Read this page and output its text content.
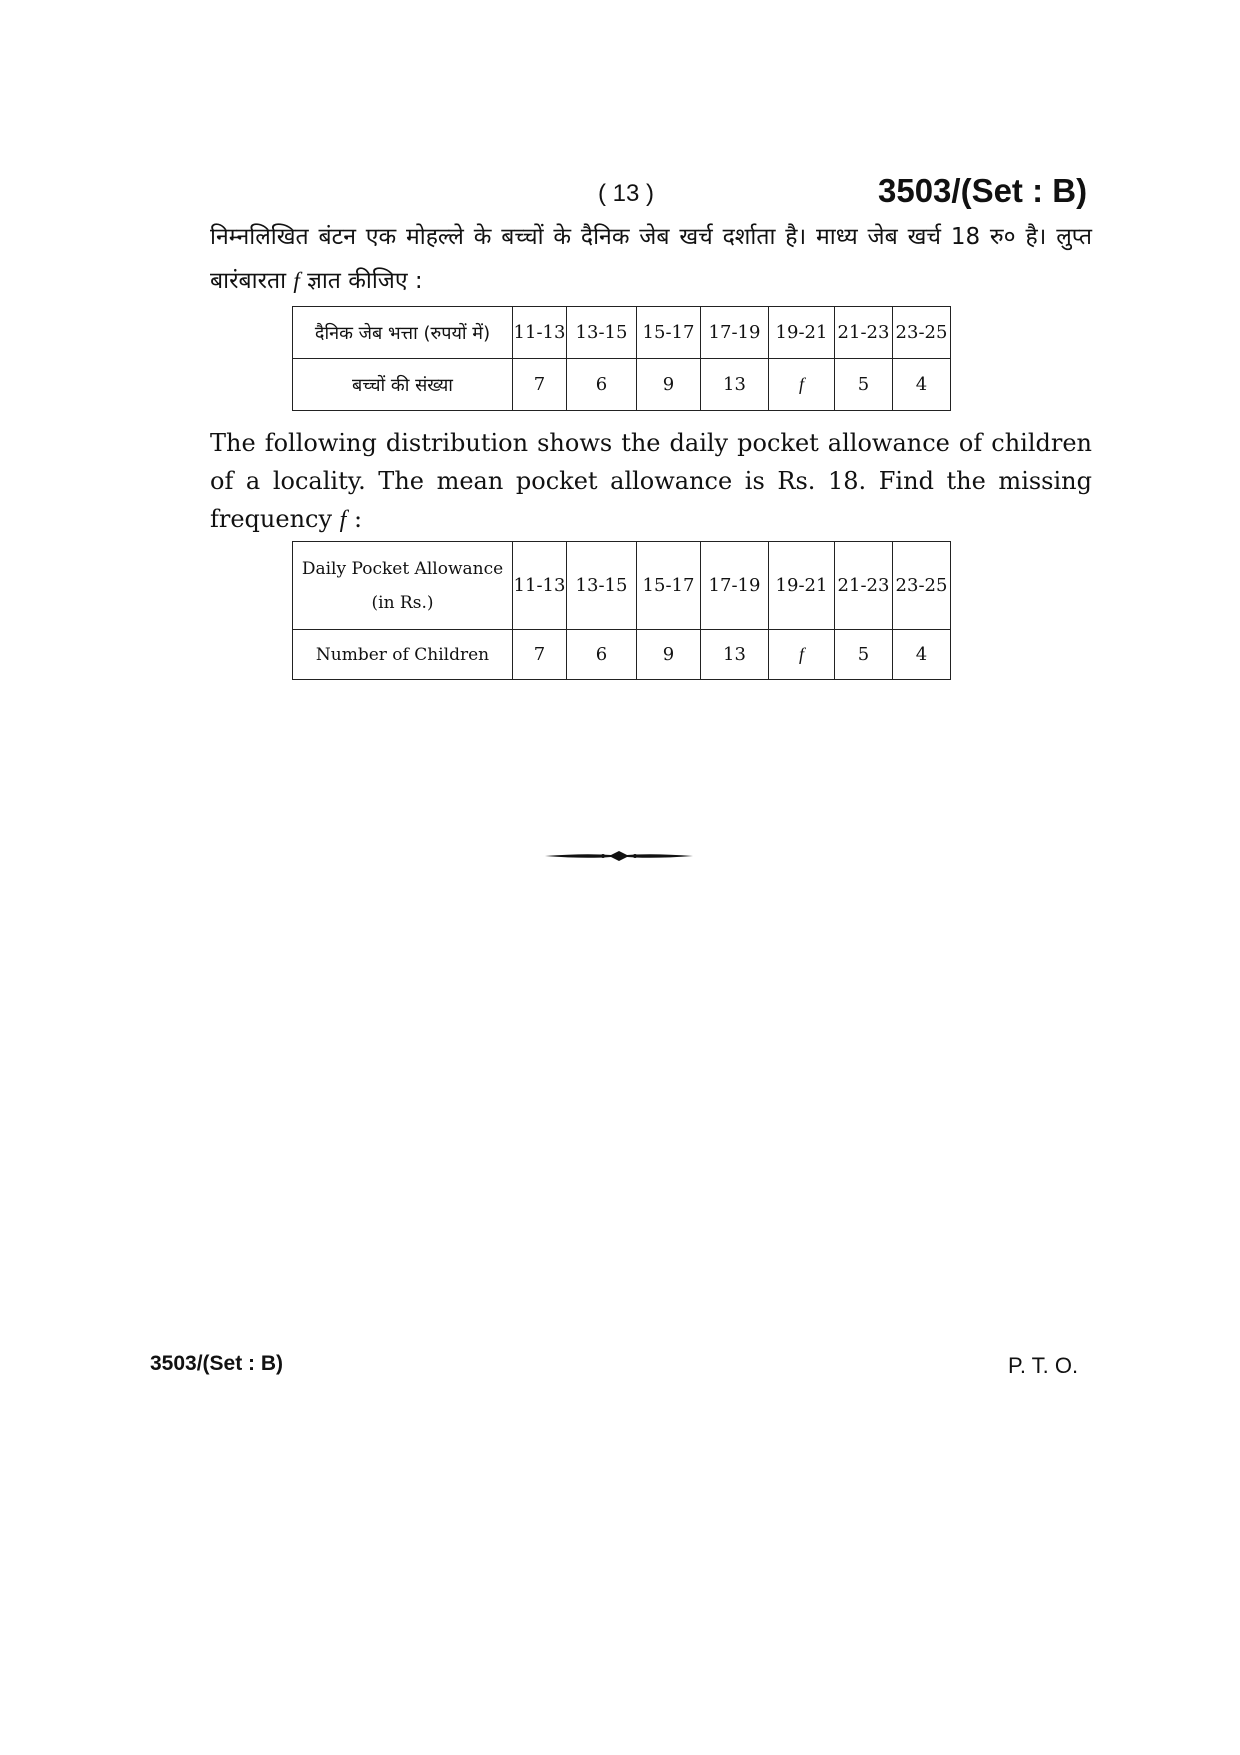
( 13 )	3503/(Set : B)
निम्नलिखित बंटन एक मोहल्ले के बच्चों के दैनिक जेब खर्च दर्शाता है। माध्य जेब खर्च 18 रु० है। लुप्त बारंबारता f ज्ञात कीजिए :
दैनिक जेब भत्ता (रुपयों में)	11-13	13-15	15-17	17-19	19-21	21-23	23-25
बच्चों की संख्या	7	6	9	13	f	5	4
The following distribution shows the daily pocket allowance of children of a locality. The mean pocket allowance is Rs. 18. Find the missing frequency f :
Daily Pocket Allowance
(in Rs.)	11-13	13-15	15-17	17-19	19-21	21-23	23-25
Number of Children	7	6	9	13	f	5	4
3503/(Set : B)	P. T. O.
